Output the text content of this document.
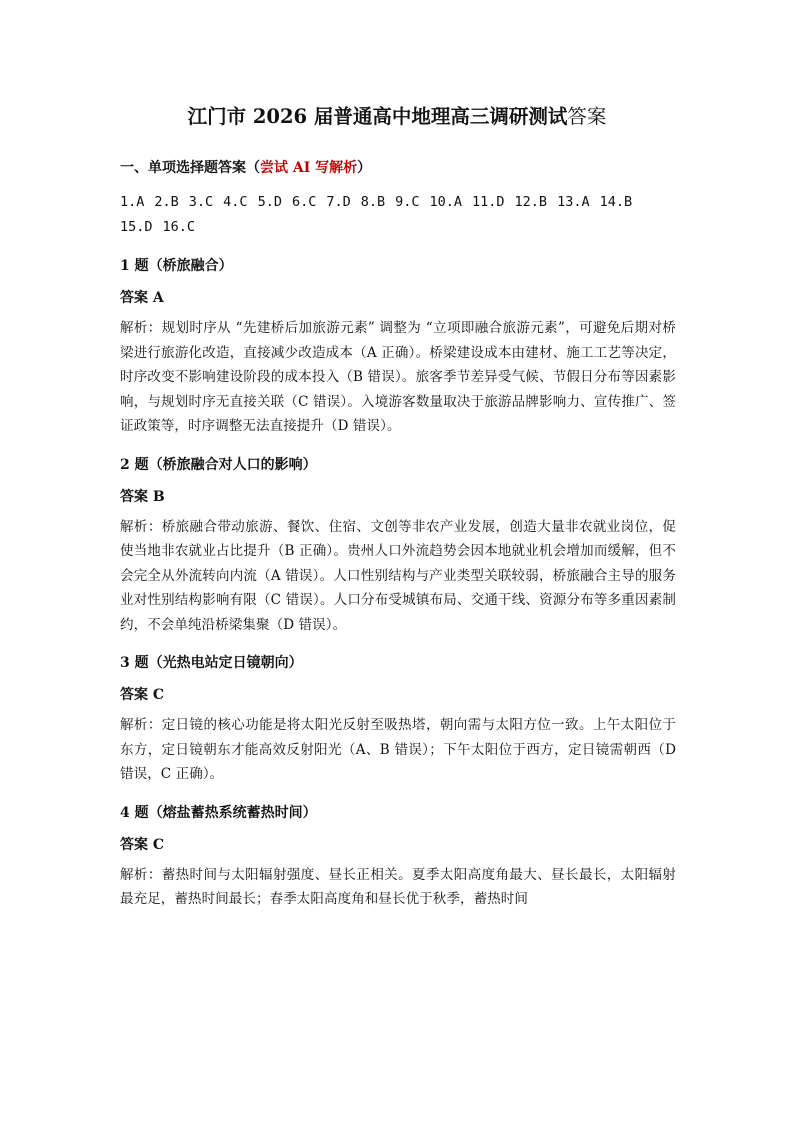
江门市 2026 届普通高中地理高三调研测试答案
一、单项选择题答案（尝试 AI 写解析）
1.A 2.B 3.C 4.C 5.D 6.C 7.D 8.B 9.C 10.A 11.D 12.B 13.A 14.B15.D 16.C
1 题（桥旅融合）
答案 A
解析：规划时序从 “先建桥后加旅游元素” 调整为 “立项即融合旅游元素”，可避免后期对桥梁进行旅游化改造，直接减少改造成本（A 正确）。桥梁建设成本由建材、施工工艺等决定，时序改变不影响建设阶段的成本投入（B 错误）。旅客季节差异受气候、节假日分布等因素影响，与规划时序无直接关联（C 错误）。入境游客数量取决于旅游品牌影响力、宣传推广、签证政策等，时序调整无法直接提升（D 错误）。
2 题（桥旅融合对人口的影响）
答案 B
解析：桥旅融合带动旅游、餐饮、住宿、文创等非农产业发展，创造大量非农就业岗位，促使当地非农就业占比提升（B 正确）。贵州人口外流趋势会因本地就业机会增加而缓解，但不会完全从外流转向内流（A 错误）。人口性别结构与产业类型关联较弱，桥旅融合主导的服务业对性别结构影响有限（C 错误）。人口分布受城镇布局、交通干线、资源分布等多重因素制约，不会单纯沿桥梁集聚（D 错误）。
3 题（光热电站定日镜朝向）
答案 C
解析：定日镜的核心功能是将太阳光反射至吸热塔，朝向需与太阳方位一致。上午太阳位于东方，定日镜朝东才能高效反射阳光（A、B 错误）；下午太阳位于西方，定日镜需朝西（D 错误，C 正确）。
4 题（熔盐蓄热系统蓄热时间）
答案 C
解析：蓄热时间与太阳辐射强度、昼长正相关。夏季太阳高度角最大、昼长最长，太阳辐射最充足，蓄热时间最长；春季太阳高度角和昼长优于秋季，蓄热时间
